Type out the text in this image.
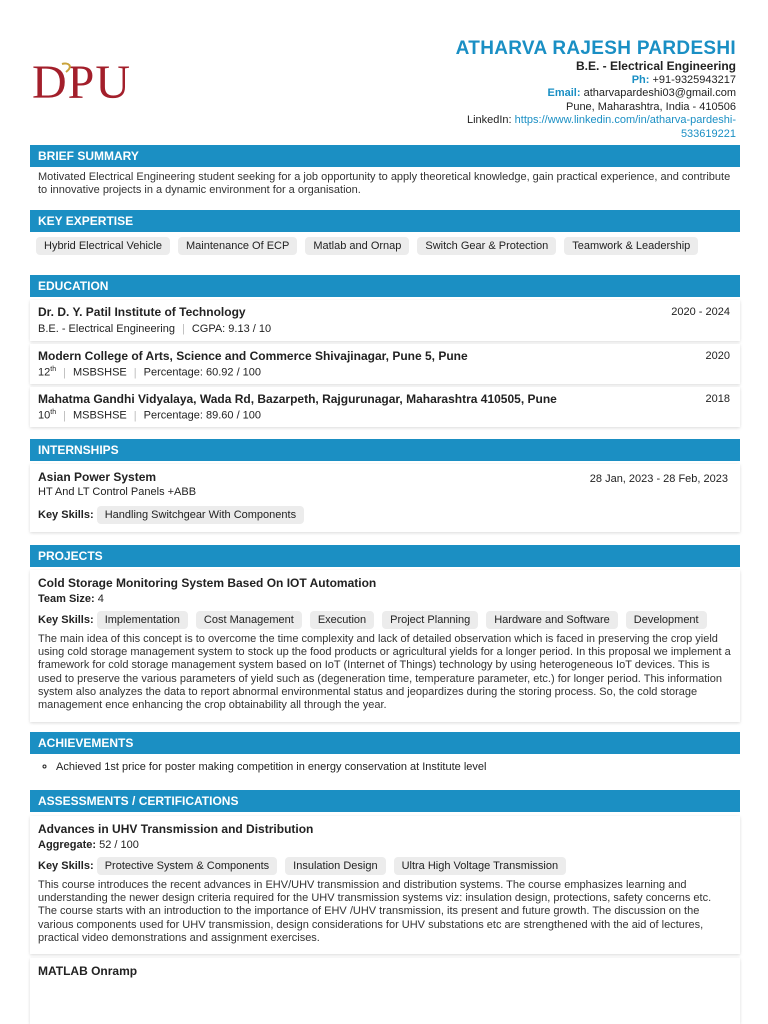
DPU
ATHARVA RAJESH PARDESHI
B.E. - Electrical Engineering
Ph: +91-9325943217
Email: atharvapardeshi03@gmail.com
Pune, Maharashtra, India - 410506
LinkedIn: https://www.linkedin.com/in/atharva-pardeshi-
533619221
BRIEF SUMMARY
Motivated Electrical Engineering student seeking for a job opportunity to apply theoretical knowledge, gain practical experience, and contribute to innovative projects in a dynamic environment for a organisation.
KEY EXPERTISE
Hybrid Electrical Vehicle Maintenance Of ECP Matlab and Ornap Switch Gear & Protection Teamwork & Leadership
EDUCATION
Dr. D. Y. Patil Institute of Technology	2020 - 2024
B.E. - Electrical Engineering | CGPA: 9.13 / 10
Modern College of Arts, Science and Commerce Shivajinagar, Pune 5, Pune	2020
12th | MSBSHSE | Percentage: 60.92 / 100
Mahatma Gandhi Vidyalaya, Wada Rd, Bazarpeth, Rajgurunagar, Maharashtra 410505, Pune	2018
10th | MSBSHSE | Percentage: 89.60 / 100
INTERNSHIPS
Asian Power System	28 Jan, 2023 - 28 Feb, 2023
HT And LT Control Panels +ABB
Key Skills: Handling Switchgear With Components
PROJECTS
Cold Storage Monitoring System Based On IOT Automation
Team Size: 4
Key Skills: Implementation Cost Management Execution Project Planning Hardware and Software Development
The main idea of this concept is to overcome the time complexity and lack of detailed observation which is faced in preserving the crop yield using cold storage management system to stock up the food products or agricultural yields for a longer period. In this proposal we implement a framework for cold storage management system based on IoT (Internet of Things) technology by using heterogeneous IoT devices. This is used to preserve the various parameters of yield such as (degeneration time, temperature parameter, etc.) for longer period. This information system also analyzes the data to report abnormal environmental status and jeopardizes during the storing process. So, the cold storage management ence enhancing the crop obtainability all through the year.
ACHIEVEMENTS
◦ Achieved 1st price for poster making competition in energy conservation at Institute level
ASSESSMENTS / CERTIFICATIONS
Advances in UHV Transmission and Distribution
Aggregate: 52 / 100
Key Skills: Protective System & Components Insulation Design Ultra High Voltage Transmission
This course introduces the recent advances in EHV/UHV transmission and distribution systems. The course emphasizes learning and understanding the newer design criteria required for the UHV transmission systems viz: insulation design, protections, safety concerns etc. The course starts with an introduction to the importance of EHV /UHV transmission, its present and future growth. The discussion on the various components used for UHV transmission, design considerations for UHV substations etc are strengthened with the aid of lectures, practical video demonstrations and assignment exercises.
MATLAB Onramp
